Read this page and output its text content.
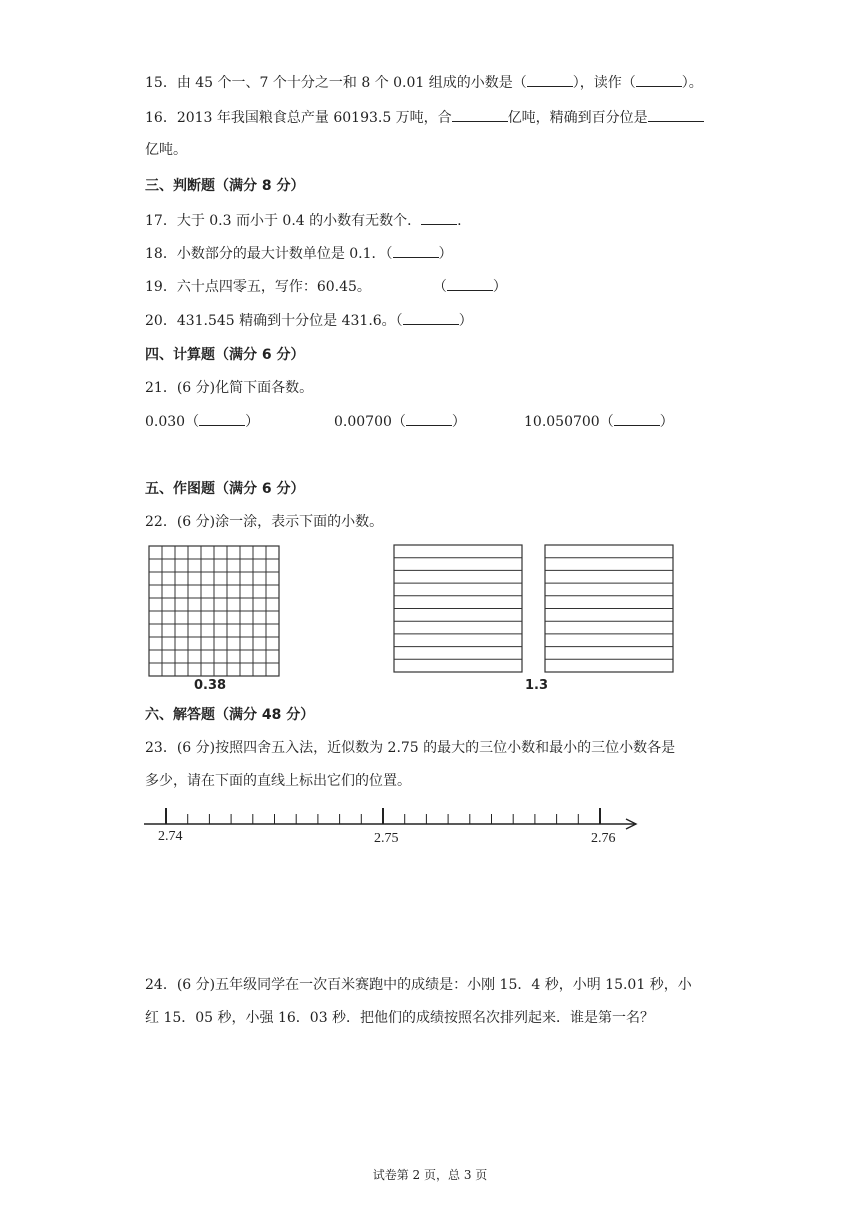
15．由 45 个一、7 个十分之一和 8 个 0.01 组成的小数是（	），读作（	）。
16．2013 年我国粮食总产量 60193.5 万吨，合	亿吨，精确到百分位是
亿吨。
三、判断题（满分 8 分）
17．大于 0.3 而小于 0.4 的小数有无数个．	.
18．小数部分的最大计数单位是 0.1．（	）
19．六十点四零五，写作：60.45。	（	）
20．431.545 精确到十分位是 431.6。（	）
四、计算题（满分 6 分）
21．(6 分)化简下面各数。
0.030（	）	0.00700（	）	10.050700（	）
五、作图题（满分 6 分）
22．(6 分)涂一涂，表示下面的小数。
0.38	1.3
六、解答题（满分 48 分）
23．(6 分)按照四舍五入法，近似数为 2.75 的最大的三位小数和最小的三位小数各是
多少，请在下面的直线上标出它们的位置。
2.74	2.75	2.76
24．(6 分)五年级同学在一次百米赛跑中的成绩是：小刚 15．4 秒，小明 15.01 秒，小
红 15．05 秒，小强 16．03 秒．把他们的成绩按照名次排列起来．谁是第一名？
试卷第 2 页，总 3 页
